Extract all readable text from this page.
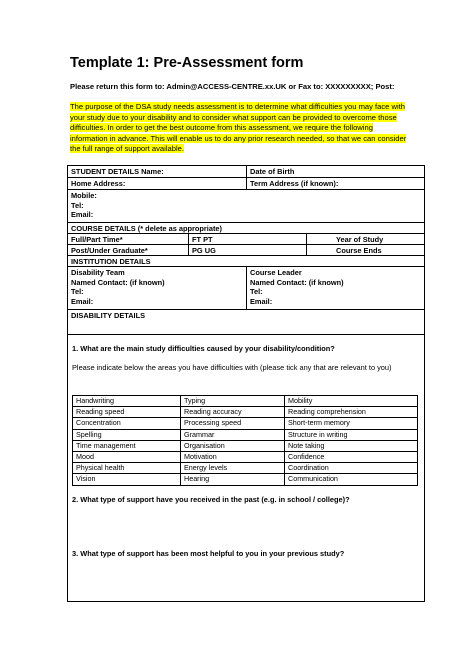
Template 1: Pre-Assessment form
Please return this form to: Admin@ACCESS-CENTRE.xx.UK or Fax to: XXXXXXXXX; Post:
The purpose of the DSA study needs assessment is to determine what difficulties you may face with your study due to your disability and to consider what support can be provided to overcome those difficulties. In order to get the best outcome from this assessment, we require the following information in advance. This will enable us to do any prior research needed, so that we can consider the full range of support available.
STUDENT DETAILS Name:	Date of Birth
Home Address:	Term Address (if known):
Mobile:
Tel:
Email:
COURSE DETAILS (* delete as appropriate)
Full/Part Time*	FT PT	Year of Study
Post/Under Graduate*	PG UG	Course Ends
INSTITUTION DETAILS
Disability Team
Named Contact: (if known)
Tel:
Email:
Course Leader
Named Contact: (if known)
Tel:
Email:
DISABILITY DETAILS
1. What are the main study difficulties caused by your disability/condition?
Please indicate below the areas you have difficulties with (please tick any that are relevant to you)
Handwriting	Typing	Mobility
Reading speed	Reading accuracy	Reading comprehension
Concentration	Processing speed	Short-term memory
Spelling	Grammar	Structure in writing
Time management	Organisation	Note taking
Mood	Motivation	Confidence
Physical health	Energy levels	Coordination
Vision	Hearing	Communication
2. What type of support have you received in the past (e.g. in school / college)?
3. What type of support has been most helpful to you in your previous study?
